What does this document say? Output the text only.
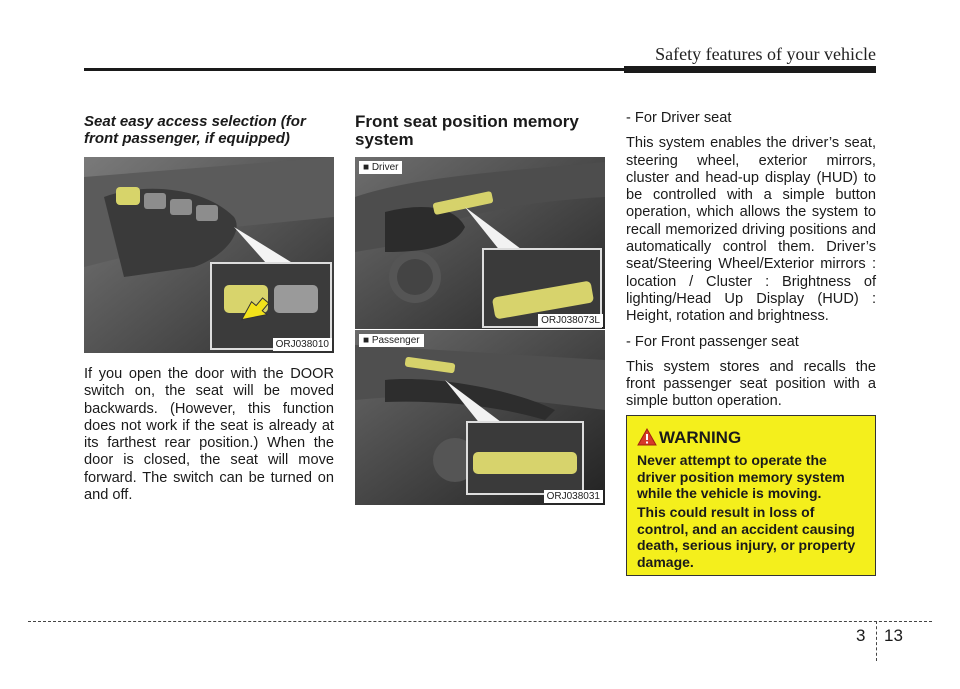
Safety features of your vehicle
Seat easy access selection (for front passenger, if equipped)
ORJ038010
If you open the door with the DOOR switch on, the seat will be moved backwards. (However, this function does not work if the seat is already at its farthest rear position.) When the door is closed, the seat will move forward. The switch can be turned on and off.
Front seat position memory system
■ Driver
ORJ038073L
■ Passenger
ORJ038031

- For Driver seat

This system enables the driver’s seat, steering wheel, exterior mirrors, cluster and head-up display (HUD) to be controlled with a simple button operation, which allows the system to recall memorized driving positions and automatically control them. Driver’s seat/Steering Wheel/Exterior mirrors : location / Cluster : Brightness of lighting/Head Up Display (HUD) : Height, rotation and brightness.

- For Front passenger seat

This system stores and recalls the front passenger seat position with a simple button operation.

WARNING
Never attempt to operate the driver position memory system while the vehicle is moving.
This could result in loss of control, and an accident causing death, serious injury, or property damage.
3 13
